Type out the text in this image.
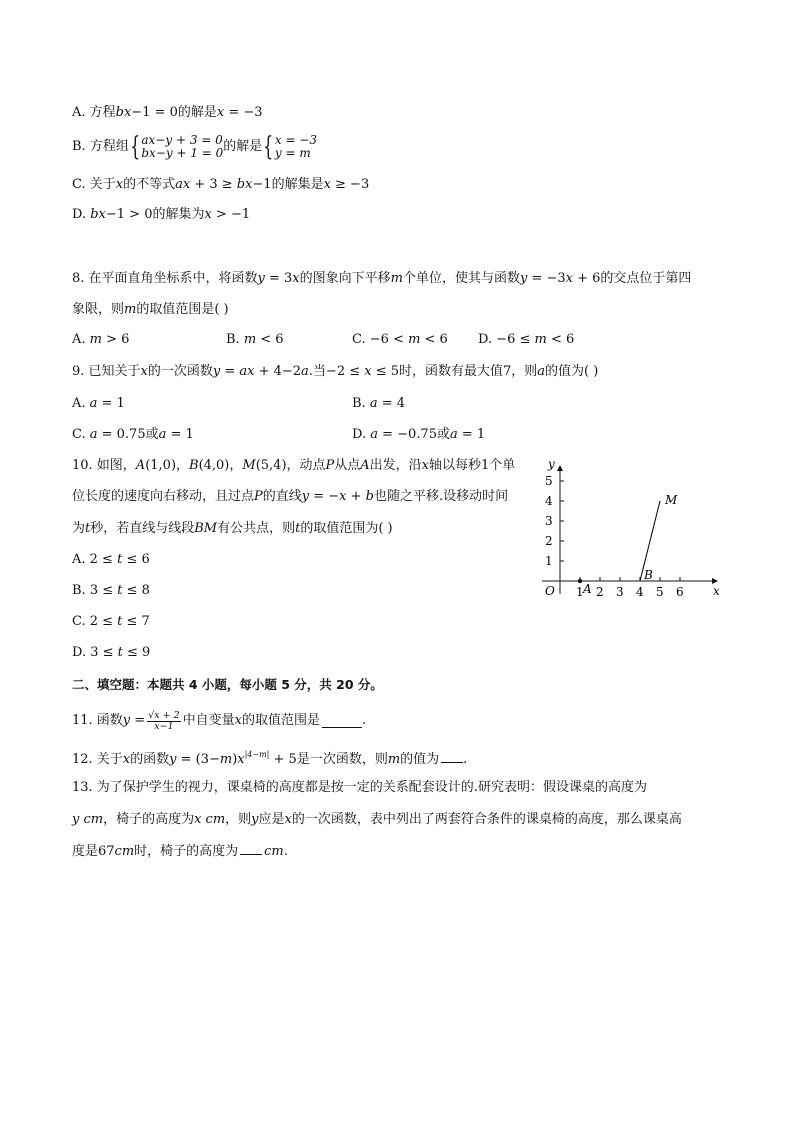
A. 方程𝑏𝑥−1 = 0的解是𝑥 = −3
B. 方程组 { 𝑎𝑥−𝑦 + 3 = 0
𝑏𝑥−𝑦 + 1 = 0 的解是 { 𝑥 = −3
𝑦 = 𝑚
C. 关于𝑥的不等式𝑎𝑥 + 3 ≥ 𝑏𝑥−1的解集是𝑥 ≥ −3
D. 𝑏𝑥−1 > 0的解集为𝑥 > −1
8. 在平面直角坐标系中，将函数𝑦 = 3𝑥的图象向下平移𝑚个单位，使其与函数𝑦 = −3𝑥 + 6的交点位于第四
象限，则𝑚的取值范围是( )
A. 𝑚 > 6	B. 𝑚 < 6	C. −6 < 𝑚 < 6 D. −6 ≤ 𝑚 < 6
9. 已知关于𝑥的一次函数𝑦 = 𝑎𝑥 + 4−2𝑎.当−2 ≤ 𝑥 ≤ 5时，函数有最大值7，则𝑎的值为( )
A. 𝑎 = 1	B. 𝑎 = 4
C. 𝑎 = 0.75或𝑎 = 1	D. 𝑎 = −0.75或𝑎 = 1
10. 如图，𝐴(1,0)，𝐵(4,0)，𝑀(5,4)，动点𝑃从点𝐴出发，沿𝑥轴以每秒1个单
位长度的速度向右移动，且过点𝑃的直线𝑦 = −𝑥 + 𝑏也随之平移.设移动时间
为𝑡秒，若直线与线段𝐵𝑀有公共点，则𝑡的取值范围为( )
A. 2 ≤ 𝑡 ≤ 6
B. 3 ≤ 𝑡 ≤ 8
C. 2 ≤ 𝑡 ≤ 7
D. 3 ≤ 𝑡 ≤ 9
y
x
O
1
2
3
4
5
1 2 3 4 5 6
A
B
M
二、填空题：本题共 4 小题，每小题 5 分，共 20 分。
11. 函数𝑦 = $\frac{\text{√𝑥 + 2}}{\text{𝑥−1}}$ 中自变量𝑥的取值范围是	.
12. 关于𝑥的函数𝑦 = (3−𝑚)𝑥$^{|4-𝑚|}$ + 5是一次函数，则𝑚的值为 .
13. 为了保护学生的视力，课桌椅的高度都是按一定的关系配套设计的.研究表明：假设课桌的高度为
𝑦 𝑐𝑚，椅子的高度为𝑥 𝑐𝑚，则𝑦应是𝑥的一次函数，表中列出了两套符合条件的课桌椅的高度，那么课桌高
度是67𝑐𝑚时，椅子的高度为 𝑐𝑚.
